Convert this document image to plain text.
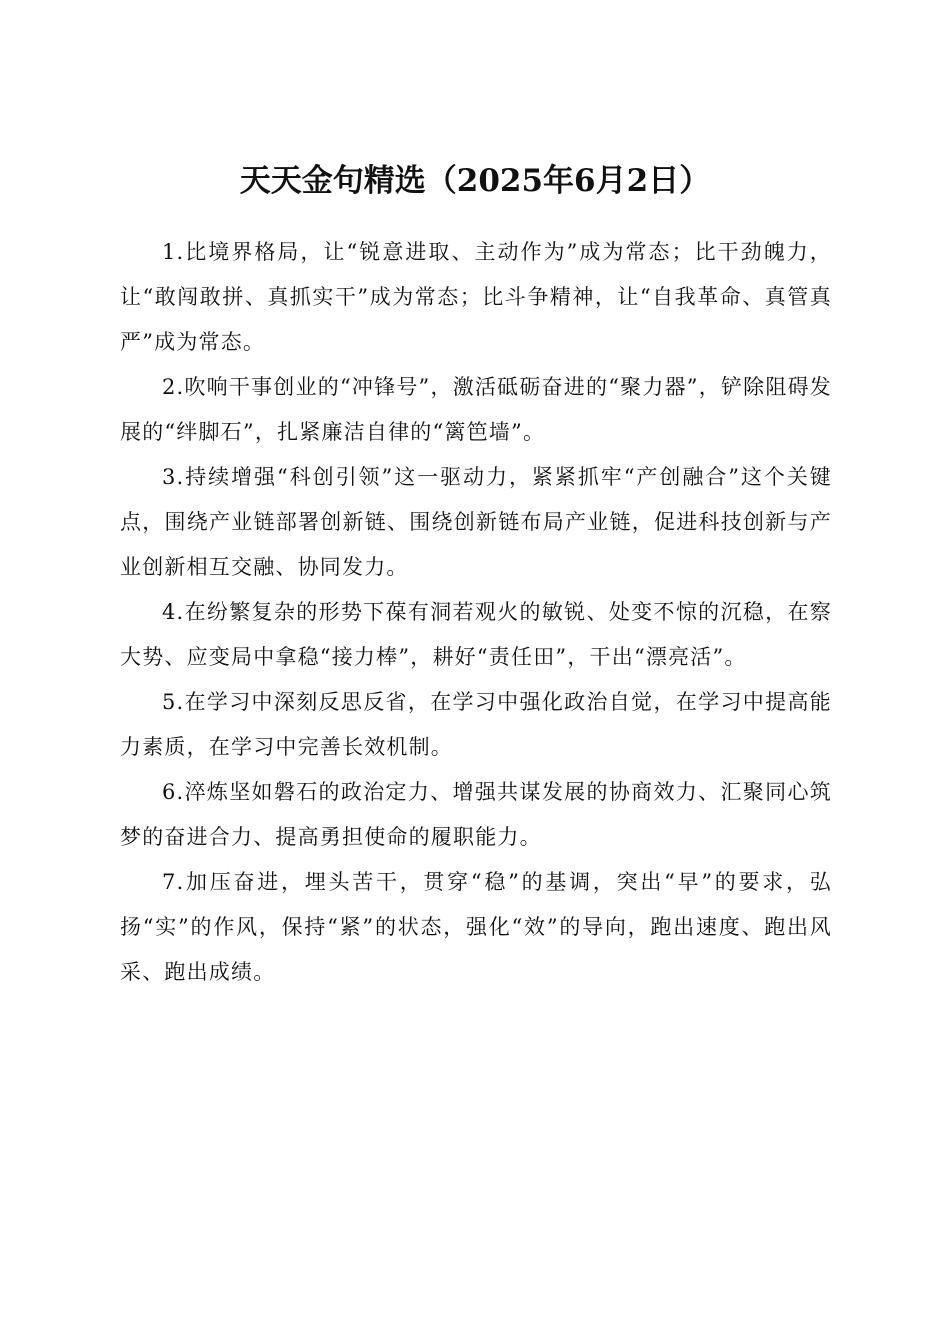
天天金句精选（2025年6月2日）

1.比境界格局，让“锐意进取、主动作为”成为常态；比干劲魄力，让“敢闯敢拼、真抓实干”成为常态；比斗争精神，让“自我革命、真管真严”成为常态。

2.吹响干事创业的“冲锋号”，激活砥砺奋进的“聚力器”，铲除阻碍发展的“绊脚石”，扎紧廉洁自律的“篱笆墙”。

3.持续增强“科创引领”这一驱动力，紧紧抓牢“产创融合”这个关键点，围绕产业链部署创新链、围绕创新链布局产业链，促进科技创新与产业创新相互交融、协同发力。

4.在纷繁复杂的形势下葆有洞若观火的敏锐、处变不惊的沉稳，在察大势、应变局中拿稳“接力棒”，耕好“责任田”，干出“漂亮活”。

5.在学习中深刻反思反省，在学习中强化政治自觉，在学习中提高能力素质，在学习中完善长效机制。

6.淬炼坚如磐石的政治定力、增强共谋发展的协商效力、汇聚同心筑梦的奋进合力、提高勇担使命的履职能力。

7.加压奋进，埋头苦干，贯穿“稳”的基调，突出“早”的要求，弘扬“实”的作风，保持“紧”的状态，强化“效”的导向，跑出速度、跑出风采、跑出成绩。
